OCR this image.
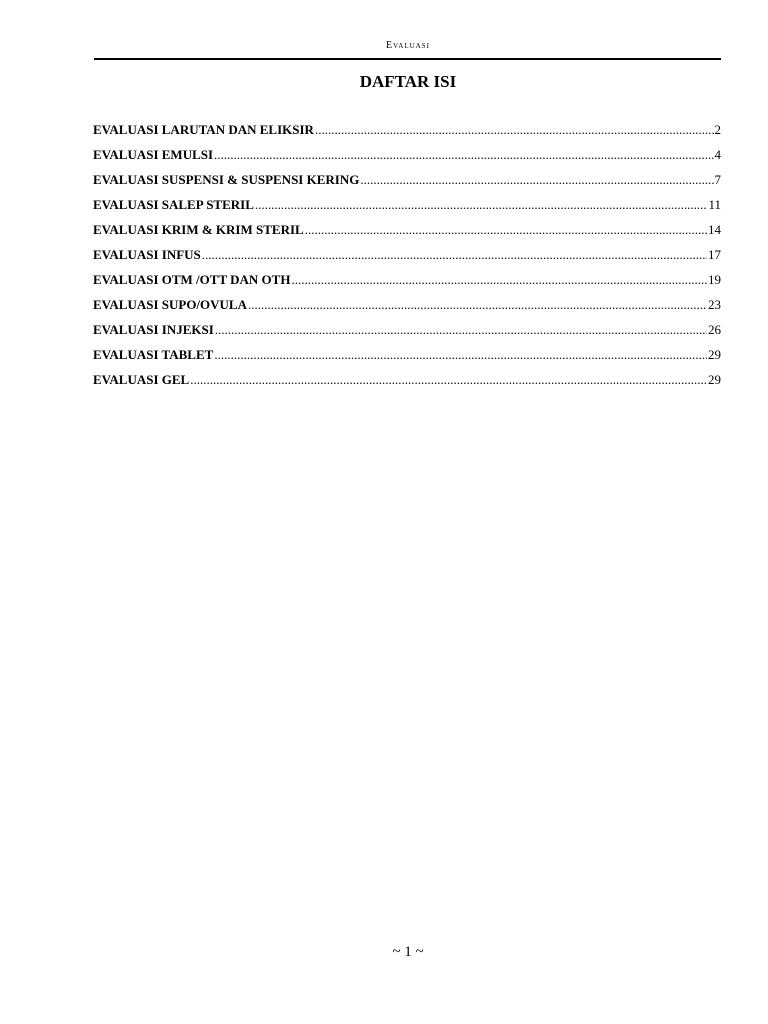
Evaluasi
DAFTAR ISI
EVALUASI LARUTAN DAN ELIKSIR .....	2
EVALUASI EMULSI .....	4
EVALUASI SUSPENSI & SUSPENSI KERING .....	7
EVALUASI SALEP STERIL .....	11
EVALUASI KRIM & KRIM STERIL .....	14
EVALUASI INFUS .....	17
EVALUASI OTM /OTT DAN OTH .....	19
EVALUASI SUPO/OVULA .....	23
EVALUASI INJEKSI .....	26
EVALUASI TABLET .....	29
EVALUASI GEL .....	29
~ 1 ~
